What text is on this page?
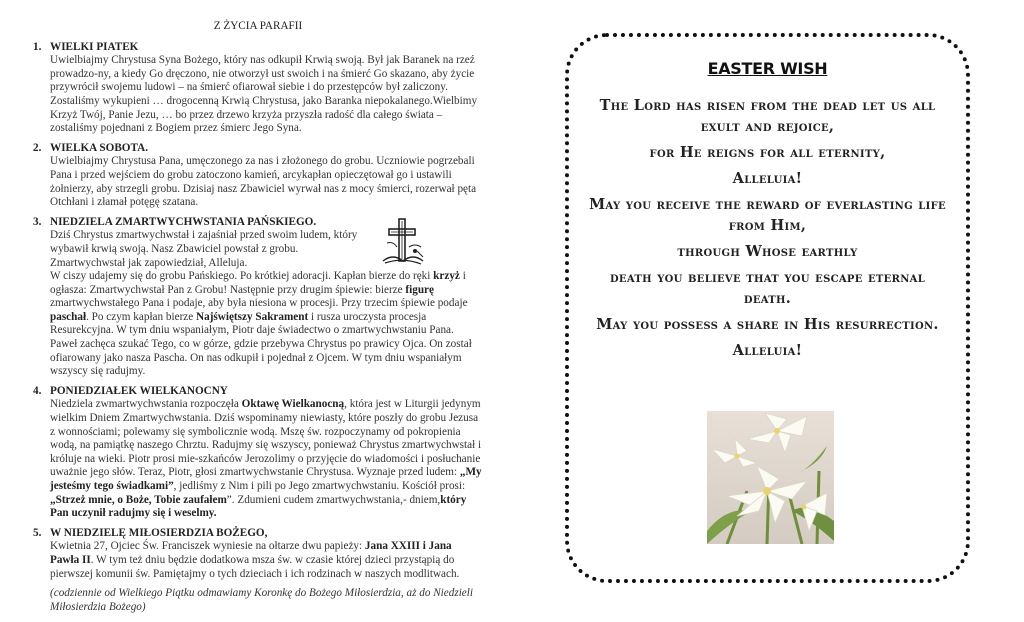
Z ŻYCIA PARAFII
1. WIELKI PIATEK

Uwielbiajmy Chrystusa Syna Bożego, który nas odkupił Krwią swoją. Był jak Baranek na rzeź prowadzo-ny, a kiedy Go dręczono, nie otworzył ust swoich i na śmierć Go skazano, aby życie przywrócił swojemu ludowi – na śmierć ofiarował siebie i do przestępców był zaliczony. Zostaliśmy wykupieni … drogocenną Krwią Chrystusa, jako Baranka niepokalanego.Wielbimy Krzyż Twój, Panie Jezu, … bo przez drzewo krzyża przyszła radość dla całego świata – zostaliśmy pojednani z Bogiem przez śmierc Jego Syna.

2. WIELKA SOBOTA.

Uwielbiajmy Chrystusa Pana, umęczonego za nas i złożonego do grobu. Uczniowie pogrzebali Pana i przed wejściem do grobu zatoczono kamień, arcykapłan opieczętował go i ustawili żołnierzy, aby strzegli grobu. Dzisiaj nasz Zbawiciel wyrwał nas z mocy śmierci, rozerwał pęta Otchłani i złamał potęgę szatana.

3. NIEDZIELA ZMARTWYCHWSTANIA PAŃSKIEGO.

Dziś Chrystus zmartwychwstał i zajaśniał przed swoim ludem, który wybawił krwią swoją. Nasz Zbawiciel powstał z grobu. Zmartwychwstał jak zapowiedział, Alleluja.

W ciszy udajemy się do grobu Pańskiego. Po krótkiej adoracji. Kapłan bierze do ręki krzyż i ogłasza: Zmartwychwstał Pan z Grobu! Następnie przy drugim śpiewie: bierze figurę zmartwychwstałego Pana i podaje, aby była niesiona w procesji. Przy trzecim śpiewie podaje paschał. Po czym kapłan bierze Najświętszy Sakrament i rusza uroczysta procesja Resurekcyjna. W tym dniu wspaniałym, Piotr daje świadectwo o zmartwychwstaniu Pana. Paweł zachęca szukać Tego, co w górze, gdzie przebywa Chrystus po prawicy Ojca. On został ofiarowany jako nasza Pascha. On nas odkupił i pojednał z Ojcem. W tym dniu wspaniałym wszyscy się radujmy.

4. PONIEDZIAŁEK WIELKANOCNY

Niedziela zwmartwychwstania rozpoczęła Oktawę Wielkanocną, która jest w Liturgii jedynym wielkim Dniem Zmartwychwstania. Dziś wspominamy niewiasty, które poszły do grobu Jezusa z wonnościami; polewamy się symbolicznie wodą. Mszę św. rozpoczynamy od pokropienia wodą, na pamiątkę naszego Chrztu. Radujmy się wszyscy, ponieważ Chrystus zmartwychwstał i króluje na wieki. Piotr prosi mie-szkańców Jerozolimy o przyjęcie do wiadomości i posłuchanie uważnie jego słów. Teraz, Piotr, głosi zmartwychwstanie Chrystusa. Wyznaje przed ludem: „My jesteśmy tego świadkami”, jedliśmy z Nim i pili po Jego zmartwychwstaniu. Kościół prosi: „Strzeż mnie, o Boże, Tobie zaufałem”. Zdumieni cudem zmartwychwstania,- dniem,który Pan uczynił radujmy się i weselmy.

5. W NIEDZIELĘ MIŁOSIERDZIA BOŻEGO,

Kwietnia 27, Ojciec Św. Franciszek wyniesie na ołtarze dwu papieży: Jana XXIII i Jana Pawła II. W tym też dniu będzie dodatkowa msza św. w czasie której dzieci przystąpią do pierwszej komunii św. Pamiętajmy o tych dzieciach i ich rodzinach w naszych modlitwach.

(codziennie od Wielkiego Piątku odmawiamy Koronkę do Bożego Miłosierdzia, aż do Niedzieli Miłosierdzia Bożego)
EASTER WISH

The Lord has risen from the dead let us all exult and rejoice,

for He reigns for all eternity,

Alleluia!

May you receive the reward of everlasting life from Him,

through Whose earthly

death you believe that you escape eternal death.

May you possess a share in His resurrection.

Alleluia!
